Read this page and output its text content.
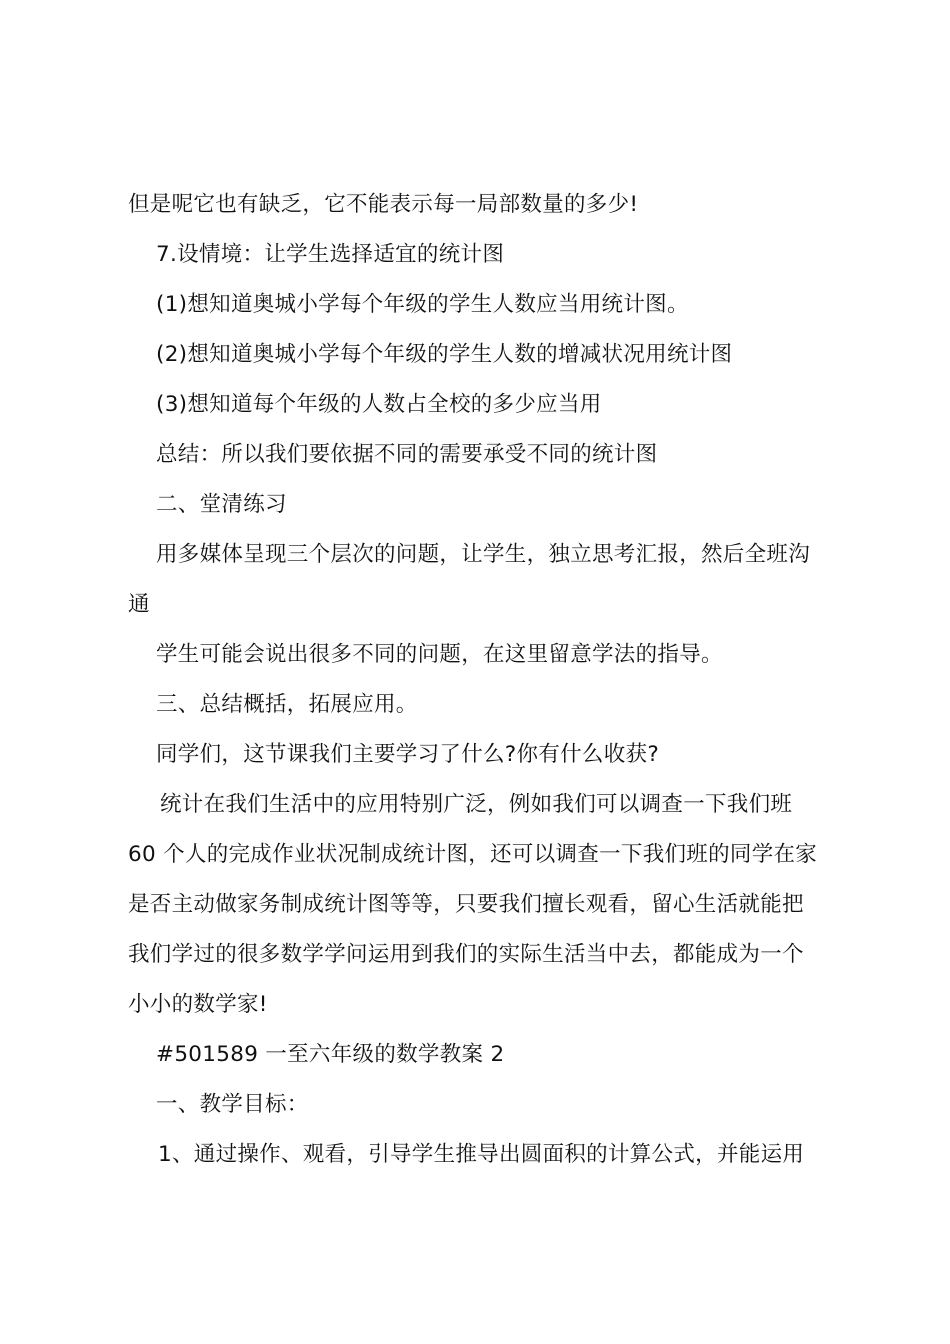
但是呢它也有缺乏，它不能表示每一局部数量的多少!
7.设情境：让学生选择适宜的统计图
(1)想知道奥城小学每个年级的学生人数应当用统计图。
(2)想知道奥城小学每个年级的学生人数的增减状况用统计图
(3)想知道每个年级的人数占全校的多少应当用
总结：所以我们要依据不同的需要承受不同的统计图
二、堂清练习
用多媒体呈现三个层次的问题，让学生，独立思考汇报，然后全班沟
通
学生可能会说出很多不同的问题，在这里留意学法的指导。
三、总结概括，拓展应用。
同学们，这节课我们主要学习了什么?你有什么收获?
统计在我们生活中的应用特别广泛，例如我们可以调查一下我们班
60 个人的完成作业状况制成统计图，还可以调查一下我们班的同学在家
是否主动做家务制成统计图等等，只要我们擅长观看，留心生活就能把
我们学过的很多数学学问运用到我们的实际生活当中去，都能成为一个
小小的数学家!
#501589 一至六年级的数学教案 2
一、教学目标：
1、通过操作、观看，引导学生推导出圆面积的计算公式，并能运用
